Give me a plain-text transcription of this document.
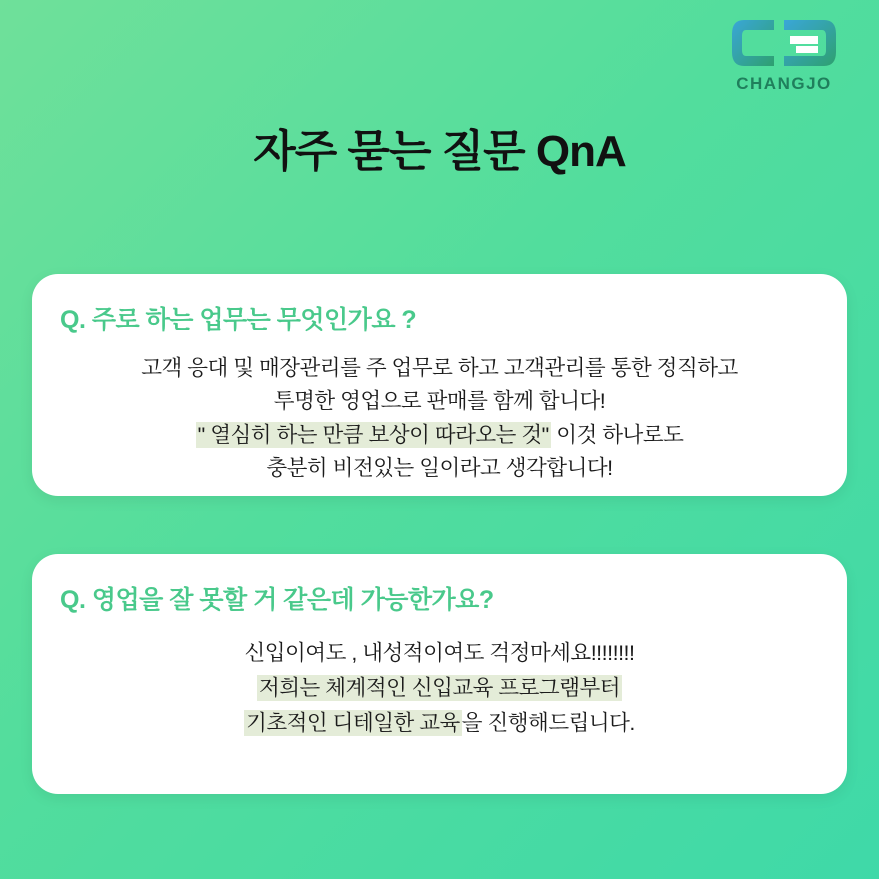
CHANGJO
자주 묻는 질문 QnA
Q. 주로 하는 업무는 무엇인가요 ?
고객 응대 및 매장관리를 주 업무로 하고 고객관리를 통한 정직하고
투명한 영업으로 판매를 함께 합니다!
" 열심히 하는 만큼 보상이 따라오는 것" 이것 하나로도
충분히 비전있는 일이라고 생각합니다!
Q. 영업을 잘 못할 거 같은데 가능한가요?
신입이여도 , 내성적이여도 걱정마세요!!!!!!!!
저희는 체계적인 신입교육 프로그램부터
기초적인 디테일한 교육을 진행해드립니다.
